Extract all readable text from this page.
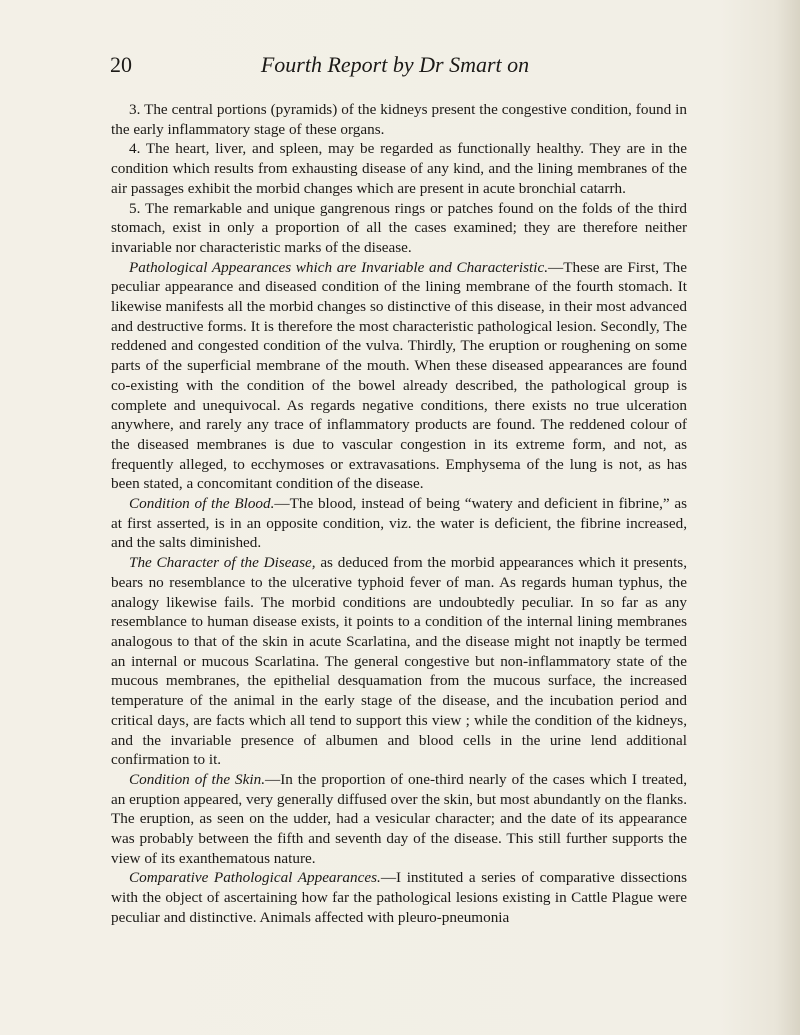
20	Fourth Report by Dr Smart on

3. The central portions (pyramids) of the kidneys present the congestive condition, found in the early inflammatory stage of these organs.

4. The heart, liver, and spleen, may be regarded as functionally healthy. They are in the condition which results from exhausting disease of any kind, and the lining membranes of the air passages exhibit the morbid changes which are present in acute bronchial catarrh.

5. The remarkable and unique gangrenous rings or patches found on the folds of the third stomach, exist in only a proportion of all the cases examined; they are therefore neither invariable nor characteristic marks of the disease.

Pathological Appearances which are Invariable and Characteristic.—These are First, The peculiar appearance and diseased condition of the lining membrane of the fourth stomach. It likewise manifests all the morbid changes so distinctive of this disease, in their most advanced and destructive forms. It is therefore the most characteristic pathological lesion. Secondly, The reddened and congested condition of the vulva. Thirdly, The eruption or roughening on some parts of the superficial membrane of the mouth. When these diseased appearances are found co-existing with the condition of the bowel already described, the pathological group is complete and unequivocal. As regards negative conditions, there exists no true ulceration anywhere, and rarely any trace of inflammatory products are found. The reddened colour of the diseased membranes is due to vascular congestion in its extreme form, and not, as frequently alleged, to ecchymoses or extravasations. Emphysema of the lung is not, as has been stated, a concomitant condition of the disease.

Condition of the Blood.—The blood, instead of being “watery and deficient in fibrine,” as at first asserted, is in an opposite condition, viz. the water is deficient, the fibrine increased, and the salts diminished.

The Character of the Disease, as deduced from the morbid appearances which it presents, bears no resemblance to the ulcerative typhoid fever of man. As regards human typhus, the analogy likewise fails. The morbid conditions are undoubtedly peculiar. In so far as any resemblance to human disease exists, it points to a condition of the internal lining membranes analogous to that of the skin in acute Scarlatina, and the disease might not inaptly be termed an internal or mucous Scarlatina. The general congestive but non-inflammatory state of the mucous membranes, the epithelial desquamation from the mucous surface, the increased temperature of the animal in the early stage of the disease, and the incubation period and critical days, are facts which all tend to support this view ; while the condition of the kidneys, and the invariable presence of albumen and blood cells in the urine lend additional confirmation to it.

Condition of the Skin.—In the proportion of one-third nearly of the cases which I treated, an eruption appeared, very generally diffused over the skin, but most abundantly on the flanks. The eruption, as seen on the udder, had a vesicular character; and the date of its appearance was probably between the fifth and seventh day of the disease. This still further supports the view of its exanthematous nature.

Comparative Pathological Appearances.—I instituted a series of comparative dissections with the object of ascertaining how far the pathological lesions existing in Cattle Plague were peculiar and distinctive. Animals affected with pleuro-pneumonia
